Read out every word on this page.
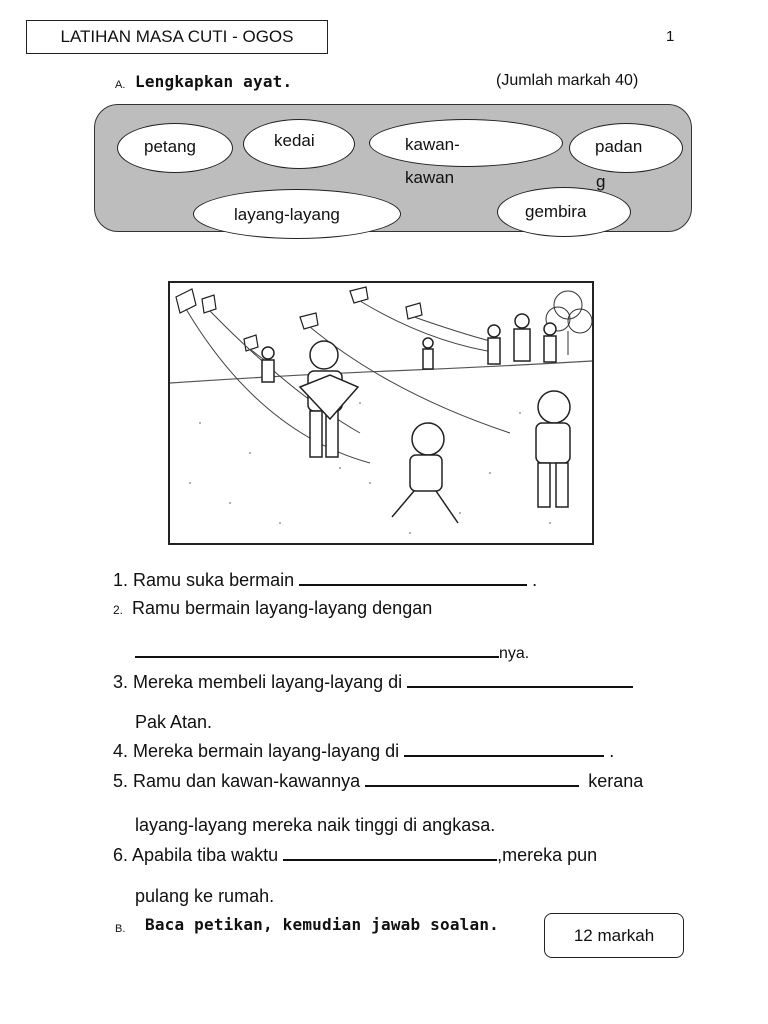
LATIHAN MASA CUTI - OGOS	1
A. Lengkapkan ayat.	(Jumlah markah 40)
petang	kedai	kawan-
kawan
padan
g
layang-layang	gembira
1. Ramu suka bermain	.
2. Ramu bermain layang-layang dengan
nya.
3. Mereka membeli layang-layang di
Pak Atan.
4. Mereka bermain layang-layang di	.
5. Ramu dan kawan-kawannya	kerana
layang-layang mereka naik tinggi di angkasa.
6. Apabila tiba waktu	,mereka pun
pulang ke rumah.
B. Baca petikan, kemudian jawab soalan.
12 markah
